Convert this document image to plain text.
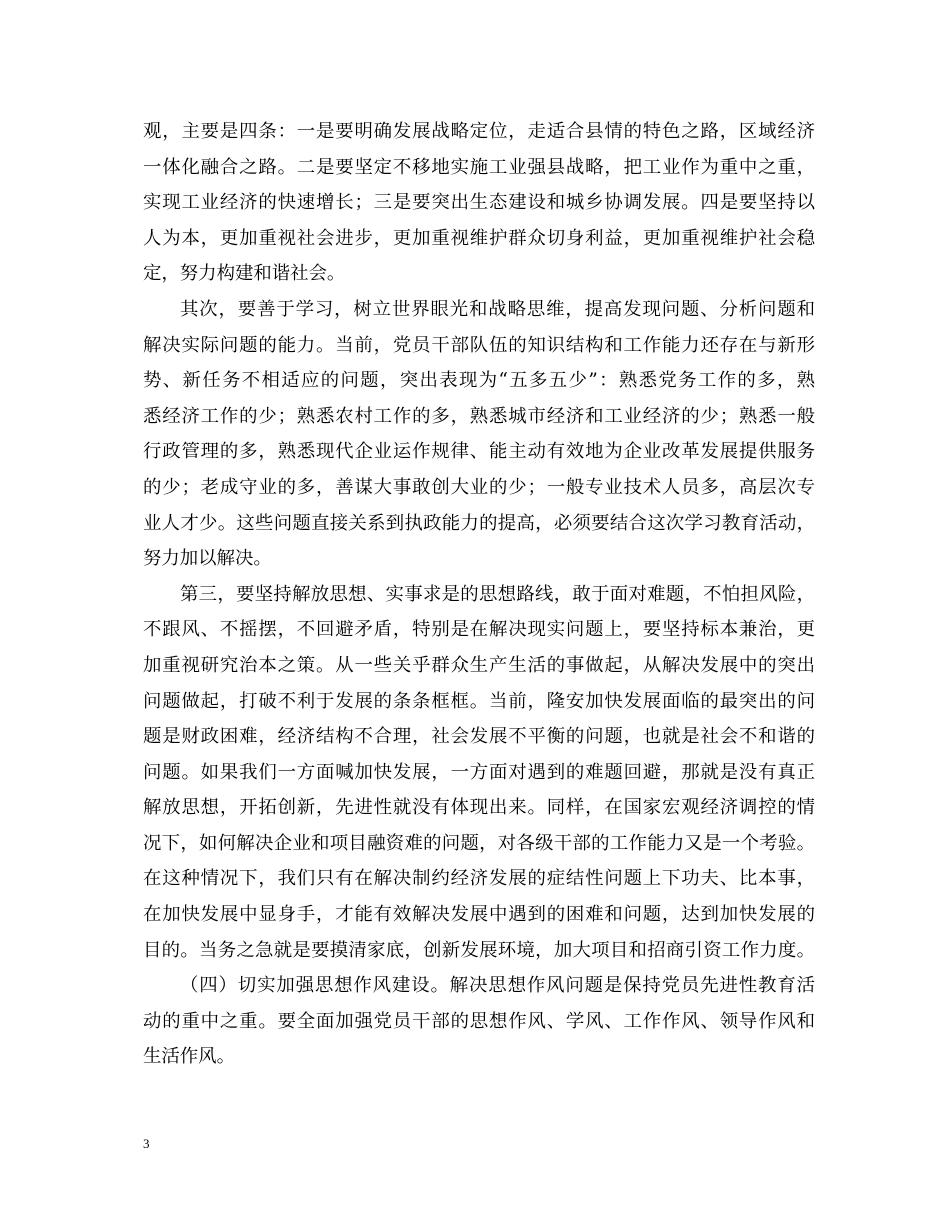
观，主要是四条：一是要明确发展战略定位，走适合县情的特色之路，区域经济
一体化融合之路。二是要坚定不移地实施工业强县战略，把工业作为重中之重，
实现工业经济的快速增长；三是要突出生态建设和城乡协调发展。四是要坚持以
人为本，更加重视社会进步，更加重视维护群众切身利益，更加重视维护社会稳
定，努力构建和谐社会。
其次，要善于学习，树立世界眼光和战略思维，提高发现问题、分析问题和
解决实际问题的能力。当前，党员干部队伍的知识结构和工作能力还存在与新形
势、新任务不相适应的问题，突出表现为“五多五少”：熟悉党务工作的多，熟
悉经济工作的少；熟悉农村工作的多，熟悉城市经济和工业经济的少；熟悉一般
行政管理的多，熟悉现代企业运作规律、能主动有效地为企业改革发展提供服务
的少；老成守业的多，善谋大事敢创大业的少；一般专业技术人员多，高层次专
业人才少。这些问题直接关系到执政能力的提高，必须要结合这次学习教育活动，
努力加以解决。
第三，要坚持解放思想、实事求是的思想路线，敢于面对难题，不怕担风险，
不跟风、不摇摆，不回避矛盾，特别是在解决现实问题上，要坚持标本兼治，更
加重视研究治本之策。从一些关乎群众生产生活的事做起，从解决发展中的突出
问题做起，打破不利于发展的条条框框。当前，隆安加快发展面临的最突出的问
题是财政困难，经济结构不合理，社会发展不平衡的问题，也就是社会不和谐的
问题。如果我们一方面喊加快发展，一方面对遇到的难题回避，那就是没有真正
解放思想，开拓创新，先进性就没有体现出来。同样，在国家宏观经济调控的情
况下，如何解决企业和项目融资难的问题，对各级干部的工作能力又是一个考验。
在这种情况下，我们只有在解决制约经济发展的症结性问题上下功夫、比本事，
在加快发展中显身手，才能有效解决发展中遇到的困难和问题，达到加快发展的
目的。当务之急就是要摸清家底，创新发展环境，加大项目和招商引资工作力度。
（四）切实加强思想作风建设。解决思想作风问题是保持党员先进性教育活
动的重中之重。要全面加强党员干部的思想作风、学风、工作作风、领导作风和
生活作风。
3
